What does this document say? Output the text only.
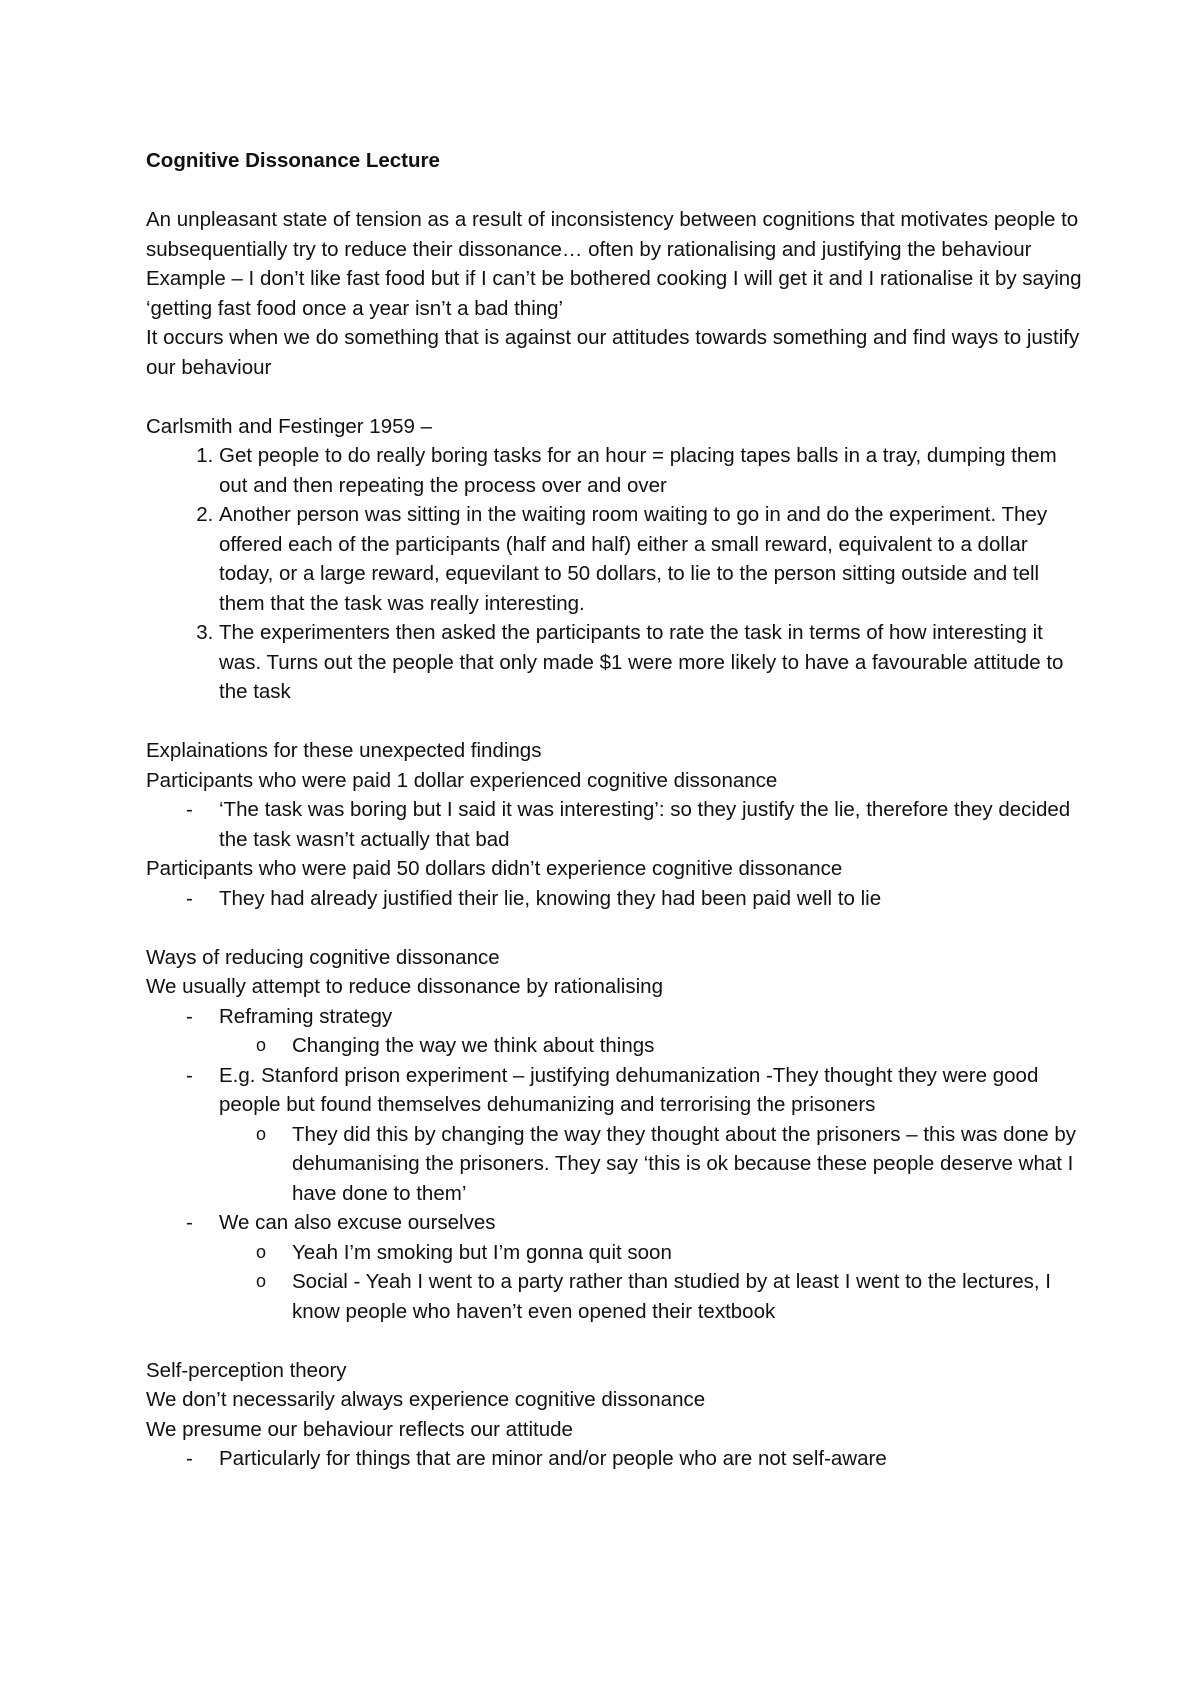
Cognitive Dissonance Lecture

An unpleasant state of tension as a result of inconsistency between cognitions that motivates people to subsequentially try to reduce their dissonance… often by rationalising and justifying the behaviour

Example – I don’t like fast food but if I can’t be bothered cooking I will get it and I rationalise it by saying ‘getting fast food once a year isn’t a bad thing’

It occurs when we do something that is against our attitudes towards something and find ways to justify our behaviour

Carlsmith and Festinger 1959 –

1. Get people to do really boring tasks for an hour = placing tapes balls in a tray, dumping them out and then repeating the process over and over
2. Another person was sitting in the waiting room waiting to go in and do the experiment. They offered each of the participants (half and half) either a small reward, equivalent to a dollar today, or a large reward, equevilant to 50 dollars, to lie to the person sitting outside and tell them that the task was really interesting.
3. The experimenters then asked the participants to rate the task in terms of how interesting it was. Turns out the people that only made $1 were more likely to have a favourable attitude to the task

Explainations for these unexpected findings

Participants who were paid 1 dollar experienced cognitive dissonance

- ‘The task was boring but I said it was interesting’: so they justify the lie, therefore they decided the task wasn’t actually that bad

Participants who were paid 50 dollars didn’t experience cognitive dissonance

- They had already justified their lie, knowing they had been paid well to lie

Ways of reducing cognitive dissonance

We usually attempt to reduce dissonance by rationalising

- Reframing strategy
o Changing the way we think about things
- E.g. Stanford prison experiment – justifying dehumanization -They thought they were good people but found themselves dehumanizing and terrorising the prisoners
o They did this by changing the way they thought about the prisoners – this was done by dehumanising the prisoners. They say ‘this is ok because these people deserve what I have done to them’
- We can also excuse ourselves
o Yeah I’m smoking but I’m gonna quit soon
o Social - Yeah I went to a party rather than studied by at least I went to the lectures, I know people who haven’t even opened their textbook

Self-perception theory

We don’t necessarily always experience cognitive dissonance

We presume our behaviour reflects our attitude

- Particularly for things that are minor and/or people who are not self-aware
